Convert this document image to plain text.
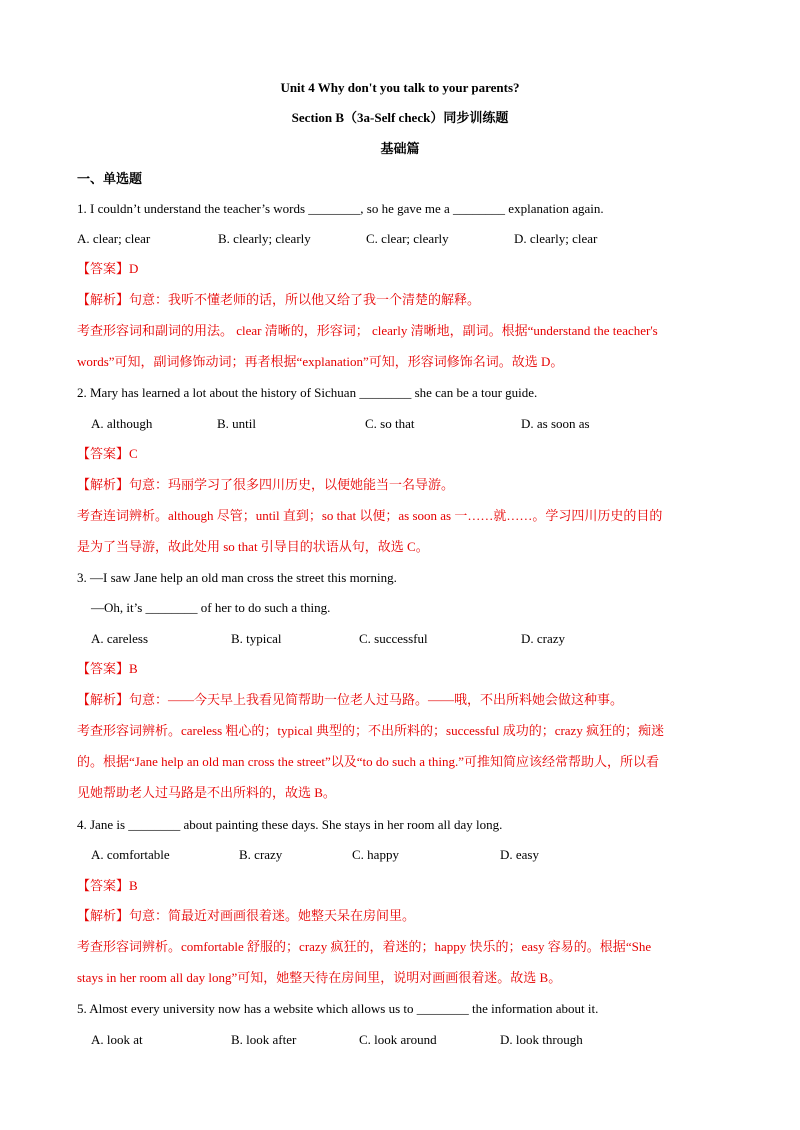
Unit 4 Why don't you talk to your parents?
Section B（3a-Self check）同步训练题
基础篇
一、单选题
1. I couldn’t understand the teacher’s words ________, so he gave me a ________ explanation again.
A. clear; clear	B. clearly; clearly	C. clear; clearly	D. clearly; clear
【答案】D
【解析】句意：我听不懂老师的话，所以他又给了我一个清楚的解释。
考查形容词和副词的用法。 clear 清晰的，形容词； clearly 清晰地，副词。根据“understand the teacher's
words”可知，副词修饰动词；再者根据“explanation”可知，形容词修饰名词。故选 D。
2. Mary has learned a lot about the history of Sichuan ________ she can be a tour guide.
A. although	B. until	C. so that	D. as soon as
【答案】C
【解析】句意：玛丽学习了很多四川历史，以便她能当一名导游。
考查连词辨析。although 尽管；until 直到；so that 以便；as soon as 一……就……。学习四川历史的目的
是为了当导游，故此处用 so that 引导目的状语从句，故选 C。
3. —I saw Jane help an old man cross the street this morning.
—Oh, it’s ________ of her to do such a thing.
A. careless	B. typical	C. successful	D. crazy
【答案】B
【解析】句意：——今天早上我看见简帮助一位老人过马路。——哦，不出所料她会做这种事。
考查形容词辨析。careless 粗心的；typical 典型的；不出所料的；successful 成功的；crazy 疯狂的；痴迷
的。根据“Jane help an old man cross the street”以及“to do such a thing.”可推知简应该经常帮助人，所以看
见她帮助老人过马路是不出所料的，故选 B。
4. Jane is ________ about painting these days. She stays in her room all day long.
A. comfortable	B. crazy	C. happy	D. easy
【答案】B
【解析】句意：简最近对画画很着迷。她整天呆在房间里。
考查形容词辨析。comfortable 舒服的；crazy 疯狂的，着迷的；happy 快乐的；easy 容易的。根据“She
stays in her room all day long”可知，她整天待在房间里，说明对画画很着迷。故选 B。
5. Almost every university now has a website which allows us to ________ the information about it.
A. look at	B. look after	C. look around	D. look through
